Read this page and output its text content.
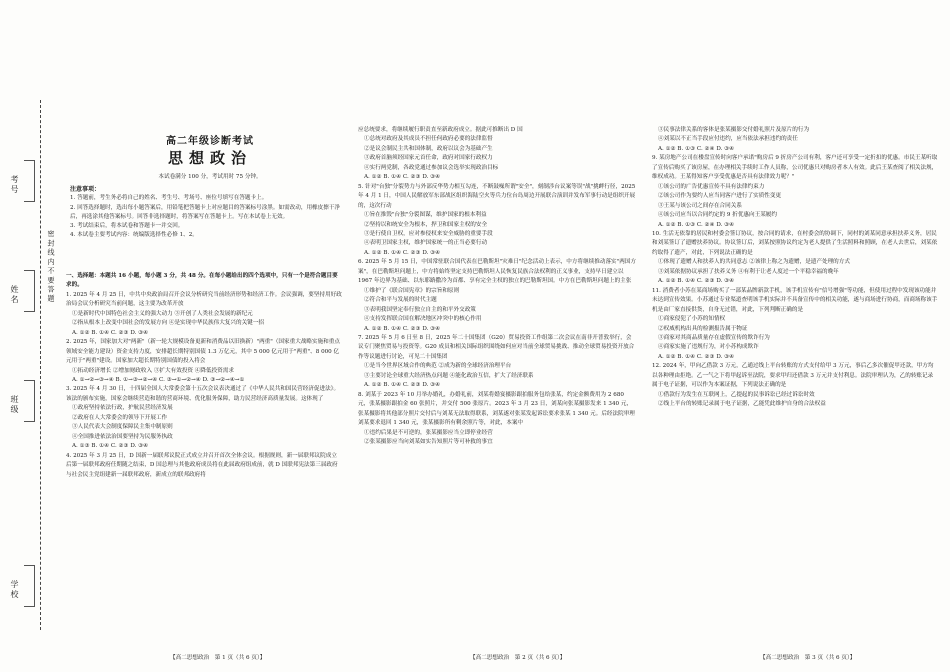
学校
班级
姓名
考号
密 封 线 内 不 要 答 题
高二年级诊断考试
思想政治
本试卷满分 100 分，考试用时 75 分钟。

注意事项：

1. 答题前，考生务必将自己的姓名、考生号、考场号、座位号填写在答题卡上。

2. 回答选择题时，选出每小题答案后，用铅笔把答题卡上对应题目的答案标号涂黑。如需改动，用橡皮擦干净后，再选涂其他答案标号。回答非选择题时，将答案写在答题卡上。写在本试卷上无效。

3. 考试结束后，将本试卷和答题卡一并交回。

4. 本试卷主要考试内容：统编版选择性必修 1、2。

一、选择题：本题共 16 小题，每小题 3 分，共 48 分。在每小题给出的四个选项中，只有一个是符合题目要求的。

1. 2025 年 4 月 25 日，中共中央政治局召开会议分析研究当前经济形势和经济工作。会议强调，要坚持用好政治局会议分析研究当前问题，这主要为改革开放

①是新时代中国特色社会主义的强大动力 ③开创了人类社会发展的新纪元

②指从根本上改变中国社会的发展方向 ④是实现中华民族伟大复兴的关键一招

A. ①② B. ①④ C. ②③ D. ③④

2. 2025 年，国家加大对"两新"（新一轮大规模设备更新和消费品以旧换新）"两重"（国家重大战略实施和重点领域安全能力建设）资金支持力度，安排超长期特别国债 1.3 万亿元，其中 5 000 亿元用于"两重"、8 000 亿元用于"两重"建设。国家加大超长期特别国债的投入将会

①拓动经济增长 ②增加财政收入 ③扩大有效投资 ④降低投资需求

A. ①→②→③→④ B. ①→③→②→④ C. ③→①→②→④ D. ③→②→④→①

3. 2025 年 4 月 30 日，十四届全国人大常委会第十五次会议表决通过了《中华人民共和国民营经济促进法》。该法的颁布实施，国家会继续营造和谐的营商环境、优化服务保障，助力民营经济高质量发展。这体现了

①政府坚持依法行政，护航民营经济发展

②政府在人大常委会的领导下开展工作

③人民代表大会制度保障民主集中制原则

④全国推进依法治国要坚持为民服务执政

A. ①③ B. ①④ C. ②③ D. ③④

4. 2025 年 3 月 25 日，D 国新一届联邦议院正式成立并召开首次全体会议。根据规则，新一届联邦议院成立后第一届联邦政府任期随之结束，D 国总理与其他政府成员将在此届政府组成前，就 D 国联邦宪法第三届政府与社会民主党组建新一届联邦政府，新成立的联邦政府将

应总统要求，将继续履行职责直至新政府成立。据此可推断出 D 国

①总统对政府及其成员不担任何政府必要的法律监督

②是议会制民主共和国体制，政府以议会为基础产生

③政府首脑须经国家元首任命，政府对国家行政权力

④实行两党制，各政党通过参加议会选举实现政治目标

A. ①② B. ①④ C. ②③ D. ③④

5. 针对"台独"分裂势力与外部反华势力相互勾连，不断鼓噪所谓"安全"，刻制涉台议案等误"战"挑衅行径，2025 年 4 月 1 日，中国人民解放军东部战区组织海陆空火等兵力位台岛周边开展联合演训并发布军事行动是组织开展的，这次行动

①旨在推毁"台独"分裂图谋，维护国家的根本利益

②坚持以和统安全为根本，捍卫和国家主权的安全

③是行使自卫权，应对参侵权来安全威胁的重要手段

④表明卫国家主权，维护国家统一的正当必要行动

A. ①② B. ①④ C. ②③ D. ③④

6. 2025 年 5 月 15 日，中国常驻联合国代表在巴勒斯坦"灾难日"纪念活动上表示，中方将继续推动落实"两国方案"，在巴勒斯坦问题上，中方将始终坚定支持巴勒斯坦人民恢复民族合法权利的正义事业，支持早日建立以 1967 年边界为基础、以东耶路撒冷为首都、享有完全主权的独立的巴勒斯坦国。中方在巴勒斯坦问题上的主张

①维护了《联合国宪章》的宗旨和原则

②符合和平与发展的时代主题

③表明我国坚定奉行独立自主的和平外交政策

④支持发挥联合国在解决地区冲突中的核心作用

A. ①② B. ①④ C. ②③ D. ③④

7. 2025 年 5 月 6 日至 8 日，2025 年二十国集团（G20）贸易投资工作组第二次会议在南非开普敦举行，会议专门聚焦贸易与投资等。G20 成员和相关国际组织围绕如何应对当前全球贸易挑战、推动全球贸易投资开放合作等议题进行讨论，可见二十国集团

①是当今世界区域合作的典范 ②成为新的全球经济治理平台

③主要讨论全球重大经济热点问题 ④能化政治互信，扩大了经济联系

A. ①② B. ①④ C. ②③ D. ③④

8. 刘某于 2023 年 10 月举办婚礼，办婚礼前，刘某将婚宴摄影跟拍服务包给张某，约定金额费用为 2 680 元，张某摄影跟拍金 60 张照片，并交付 500 张原片。2023 年 3 月 23 日，刘某向张某摄影发来 1 340 元，张某摄影将其他部分照片交付后与刘某无法取得联系，刘某遂对张某发起诉讼要求张某 1 340 元。后经法院审理刘某要求退回 1 340 元，张某摄影所有剩余照片等，对此，本案中

①违约后果是不可逆的，张某摄影应当立即停业经营

②张某摄影应当向刘某如实告知照片等可补救的事宜

③民事法律关系的客体是张某摄影交付婚礼照片及原片的行为

④刘某以不正当手段应付违约，应当依法承担违约的责任

A. ①② B. ①③ C. ②④ D. ③④

9. 某房地产公司在楼盘宣传时向客户承诺"购房后 9 折房产公司有利，客户还可享受一定折扣的优惠。市民王某听取了宣传后购买了该房屋，在办理相关手续时工作人员称，公司优惠只对购房者本人有效。此后王某查阅了相关法规，维权成功。王某得知客户享受优惠是否具有法律效力呢？"

①该公司的广告优惠宣传不具有法律约束力

②该公司作为要约人应当同客户进行了实质性变更

③王某与该公司之间存在合同关系

④该公司应当以合同约定的 9 折优惠向王某履约

A. ①② B. ①③ C. ②④ D. ③④

10. 生活无依靠的居民和村委会签订协议，按合同的请求，在村委会的协调下，同村的刘某同意承担扶养义务，居民和刘某签订了遗赠扶养协议。协议签订后，刘某按照协议约定为老人提供了生活照料和照顾，在老人去世后，刘某依约取得了遗产，对此，下列说法正确的是

①体现了遗赠人和扶养人的共同意志 ②该律上称之为遗赠，是遗产处理的方式

③刘某依据协议承担了扶养义务 ④有利于让老人度过一个平稳幸福的晚年

A. ①② B. ①④ C. ②③ D. ③④

11. 消费者小苏在某商场购买了一部某品牌新款手机，该手机宣传有"信号增强"等功能，但使用过程中发现该功能并未达到宣传效果。小苏通过专业渠道查明该手机实际并不具备宣传中的相关功能，遂与商场进行协商，而商场称该手机是由厂家直接供货，自身无过错，对此，下列判断正确的是

①商家侵犯了小苏的知情权

②权威机构出具的检测报告属于物证

③商家对其商品质量存在虚假宣传的欺诈行为

④商家实施了违规行为，对小苏构成欺诈

A. ①② B. ①④ C. ②③ D. ③④

12. 2024 年，甲向乙借款 3 万元，乙通过线上平台转账的方式支付给甲 3 万元，事后乙多次催促甲还款，甲方均以各种理由拒绝。乙一气之下将甲起诉至法院，要求甲归还借款 3 万元并支付利息。法院审理认为，乙的转账记录属于电子证据，可以作为本案证据，下列说法正确的是

①借款行为发生在互联网上，乙提起的民事诉讼已经过诉讼时效

②线上平台的转账记录属于电子证据，乙能凭此维护自身的合法权益

【高二思想政治　第 1 页（共 6 页）】	【高二思想政治　第 2 页（共 6 页）】	【高二思想政治　第 3 页（共 6 页）】
